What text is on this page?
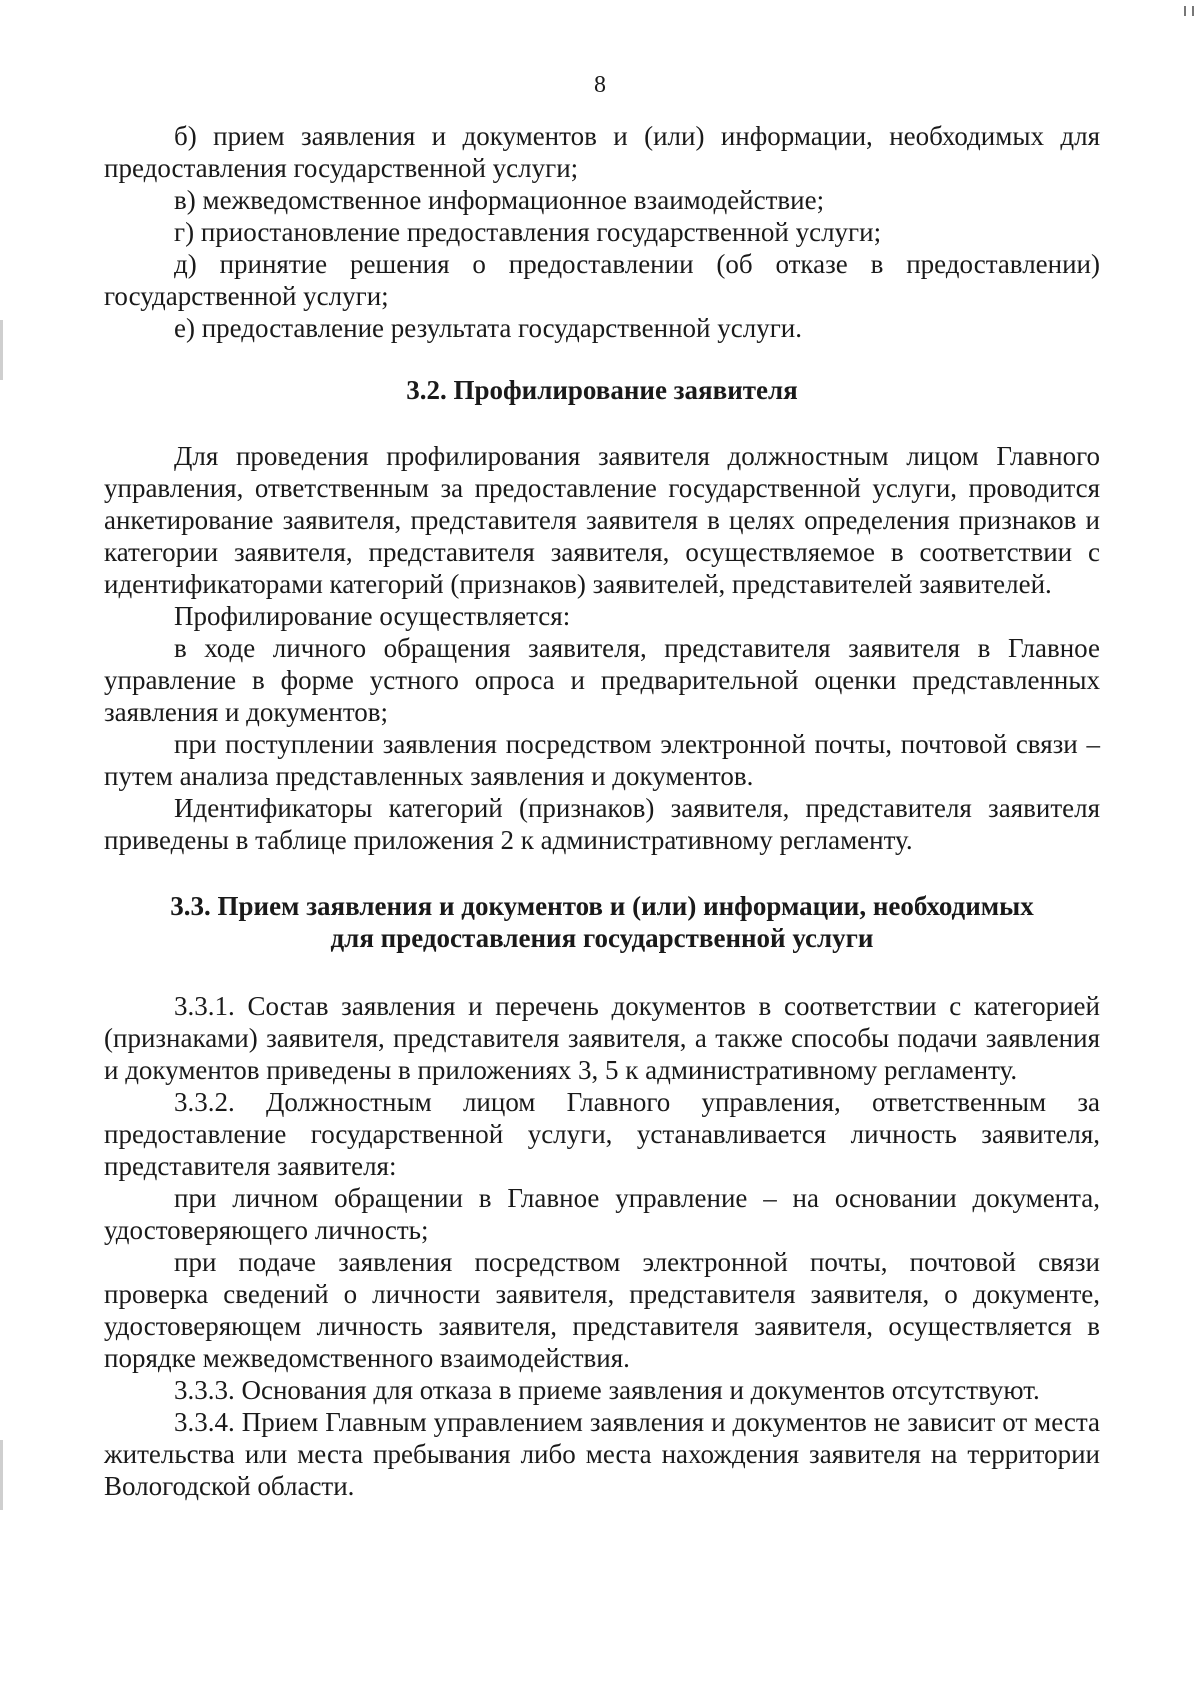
8

б) прием заявления и документов и (или) информации, необходимых для предоставления государственной услуги;

в) межведомственное информационное взаимодействие;

г) приостановление предоставления государственной услуги;

д) принятие решения о предоставлении (об отказе в предоставлении) государственной услуги;

е) предоставление результата государственной услуги.

3.2. Профилирование заявителя

Для проведения профилирования заявителя должностным лицом Главного управления, ответственным за предоставление государственной услуги, проводится анкетирование заявителя, представителя заявителя в целях определения признаков и категории заявителя, представителя заявителя, осуществляемое в соответствии с идентификаторами категорий (признаков) заявителей, представителей заявителей.

Профилирование осуществляется:

в ходе личного обращения заявителя, представителя заявителя в Главное управление в форме устного опроса и предварительной оценки представленных заявления и документов;

при поступлении заявления посредством электронной почты, почтовой связи – путем анализа представленных заявления и документов.

Идентификаторы категорий (признаков) заявителя, представителя заявителя приведены в таблице приложения 2 к административному регламенту.

3.3. Прием заявления и документов и (или) информации, необходимых
для предоставления государственной услуги

3.3.1. Состав заявления и перечень документов в соответствии с категорией (признаками) заявителя, представителя заявителя, а также способы подачи заявления и документов приведены в приложениях 3, 5 к административному регламенту.

3.3.2. Должностным лицом Главного управления, ответственным за предоставление государственной услуги, устанавливается личность заявителя, представителя заявителя:

при личном обращении в Главное управление – на основании документа, удостоверяющего личность;

при подаче заявления посредством электронной почты, почтовой связи проверка сведений о личности заявителя, представителя заявителя, о документе, удостоверяющем личность заявителя, представителя заявителя, осуществляется в порядке межведомственного взаимодействия.

3.3.3. Основания для отказа в приеме заявления и документов отсутствуют.

3.3.4. Прием Главным управлением заявления и документов не зависит от места жительства или места пребывания либо места нахождения заявителя на территории Вологодской области.
